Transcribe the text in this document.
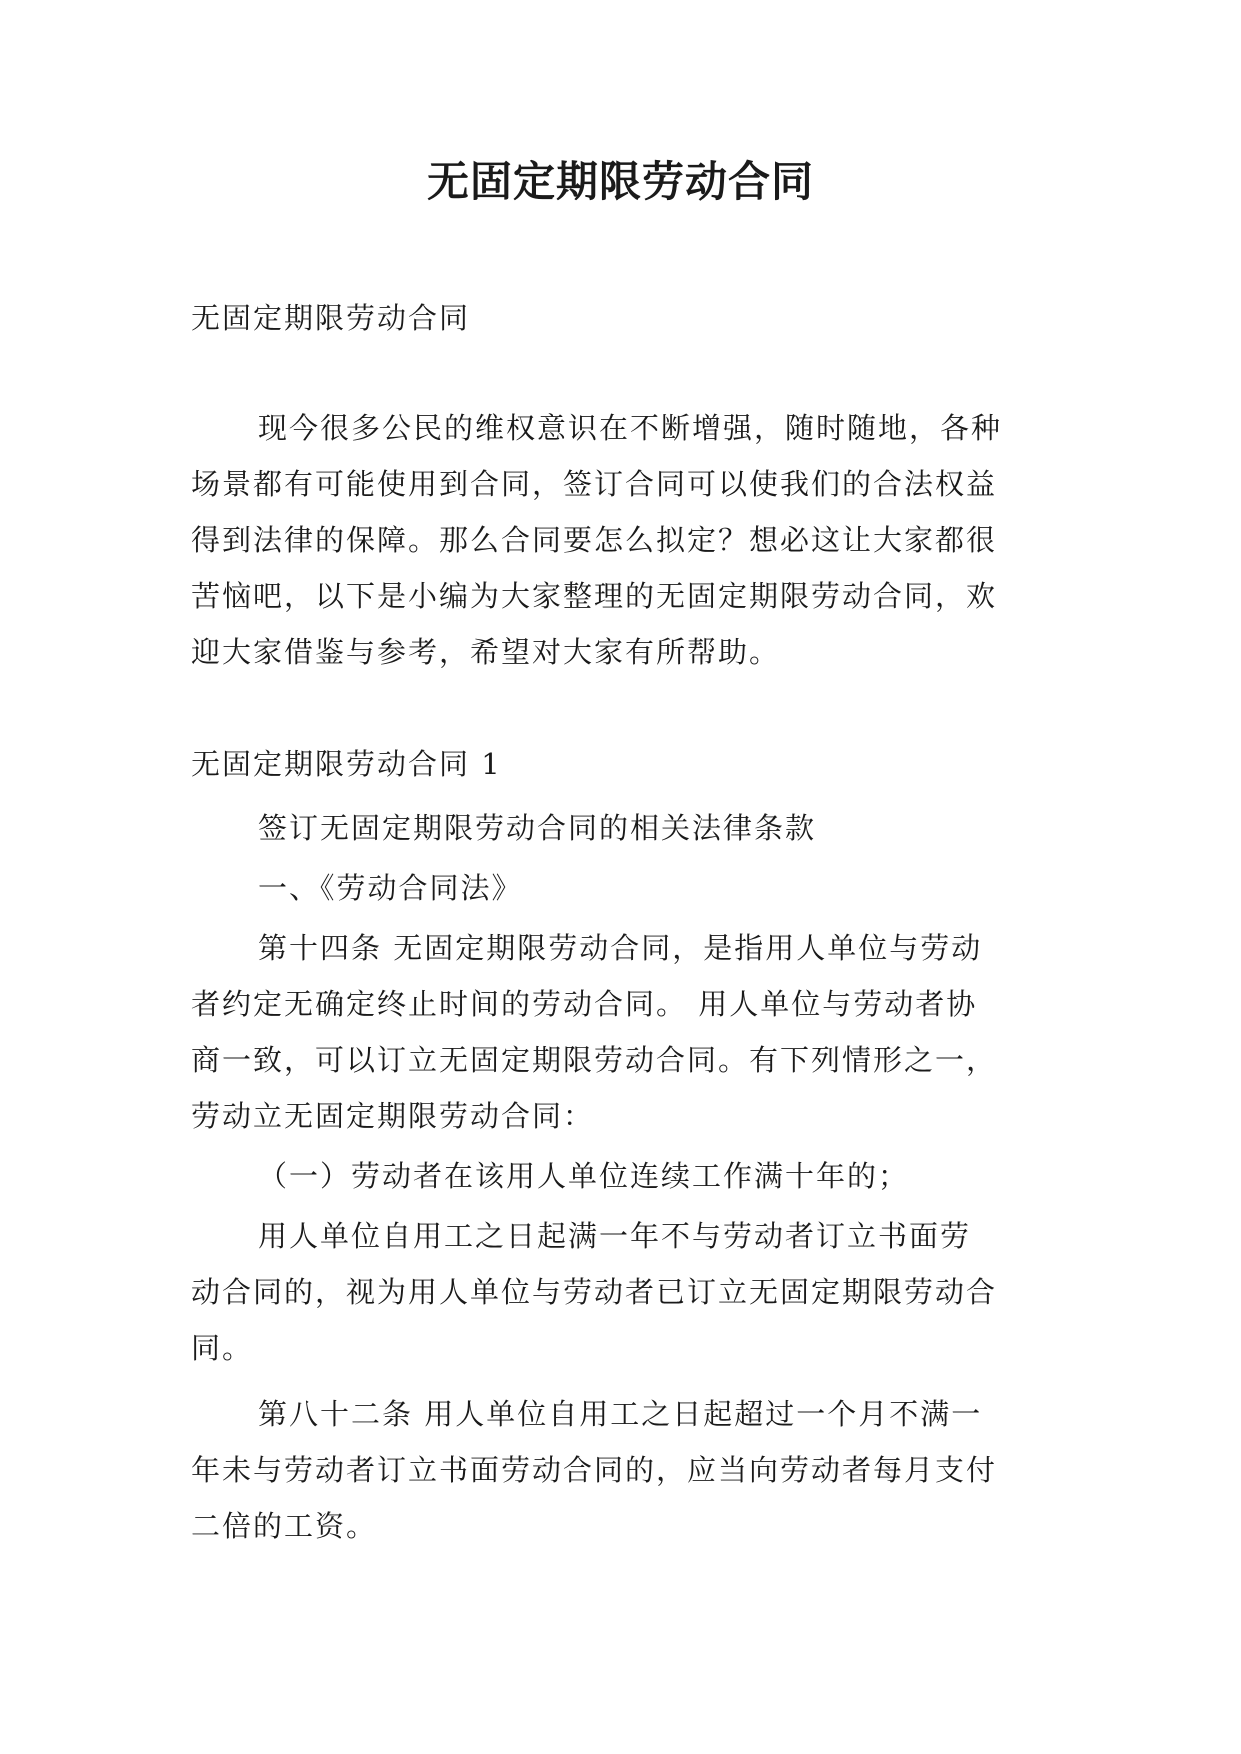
无固定期限劳动合同
无固定期限劳动合同
现今很多公民的维权意识在不断增强，随时随地，各种
场景都有可能使用到合同，签订合同可以使我们的合法权益
得到法律的保障。那么合同要怎么拟定？想必这让大家都很
苦恼吧，以下是小编为大家整理的无固定期限劳动合同，欢
迎大家借鉴与参考，希望对大家有所帮助。
无固定期限劳动合同 1
签订无固定期限劳动合同的相关法律条款
一、《劳动合同法》
第十四条 无固定期限劳动合同，是指用人单位与劳动
者约定无确定终止时间的劳动合同。 用人单位与劳动者协
商一致，可以订立无固定期限劳动合同。有下列情形之一，
劳动立无固定期限劳动合同：
（一）劳动者在该用人单位连续工作满十年的；
用人单位自用工之日起满一年不与劳动者订立书面劳
动合同的，视为用人单位与劳动者已订立无固定期限劳动合
同。
第八十二条 用人单位自用工之日起超过一个月不满一
年未与劳动者订立书面劳动合同的，应当向劳动者每月支付
二倍的工资。
